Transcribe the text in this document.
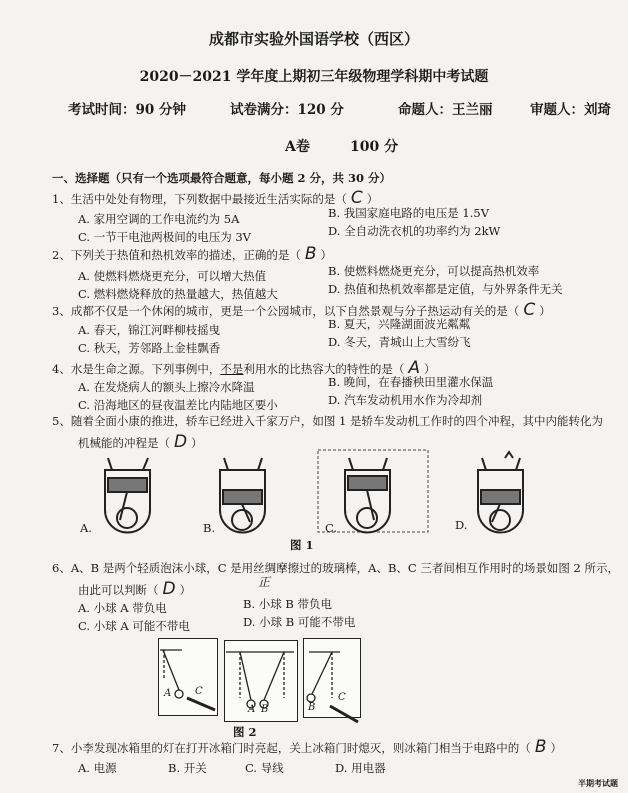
成都市实验外国语学校（西区）
2020－2021 学年度上期初三年级物理学科期中考试题
考试时间：90 分钟	试卷满分：120 分	命题人：王兰丽	审题人：刘琦
A卷	100 分
一、选择题（只有一个选项最符合题意，每小题 2 分，共 30 分）
1、生活中处处有物理，下列数据中最接近生活实际的是（ C ）
A. 家用空调的工作电流约为 5A	B. 我国家庭电路的电压是 1.5V
C. 一节干电池两极间的电压为 3V	D. 全自动洗衣机的功率约为 2kW
2、下列关于热值和热机效率的描述，正确的是（ B ）
A. 使燃料燃烧更充分，可以增大热值	B. 使燃料燃烧更充分，可以提高热机效率
C. 燃料燃烧释放的热量越大，热值越大	D. 热值和热机效率都是定值，与外界条件无关
3、成都不仅是一个休闲的城市，更是一个公园城市，以下自然景观与分子热运动有关的是（ C ）
A. 春天，锦江河畔柳枝摇曳	B. 夏天，兴隆湖面波光粼粼
C. 秋天，芳邻路上金桂飘香	D. 冬天，青城山上大雪纷飞
4、水是生命之源。下列事例中，不是利用水的比热容大的特性的是（ A ）
A. 在发烧病人的额头上擦冷水降温	B. 晚间，在春播秧田里灌水保温
C. 沿海地区的昼夜温差比内陆地区要小	D. 汽车发动机用水作为冷却剂
5、随着全面小康的推进，轿车已经进入千家万户，如图 1 是轿车发动机工作时的四个冲程，其中内能转化为
机械能的冲程是（ D ）
A.	B.	C.	D.
图 1
6、A、B 是两个轻质泡沫小球，C 是用丝绸摩擦过的玻璃棒，A、B、C 三者间相互作用时的场景如图 2 所示，
正
由此可以判断（ D ）
A. 小球 A 带负电	B. 小球 B 带负电
C. 小球 A 可能不带电	D. 小球 B 可能不带电
A C
A B	B
C
图 2
7、小李发现冰箱里的灯在打开冰箱门时亮起，关上冰箱门时熄灭，则冰箱门相当于电路中的（ B ）
A. 电源	B. 开关	C. 导线	D. 用电器
半期考试题
